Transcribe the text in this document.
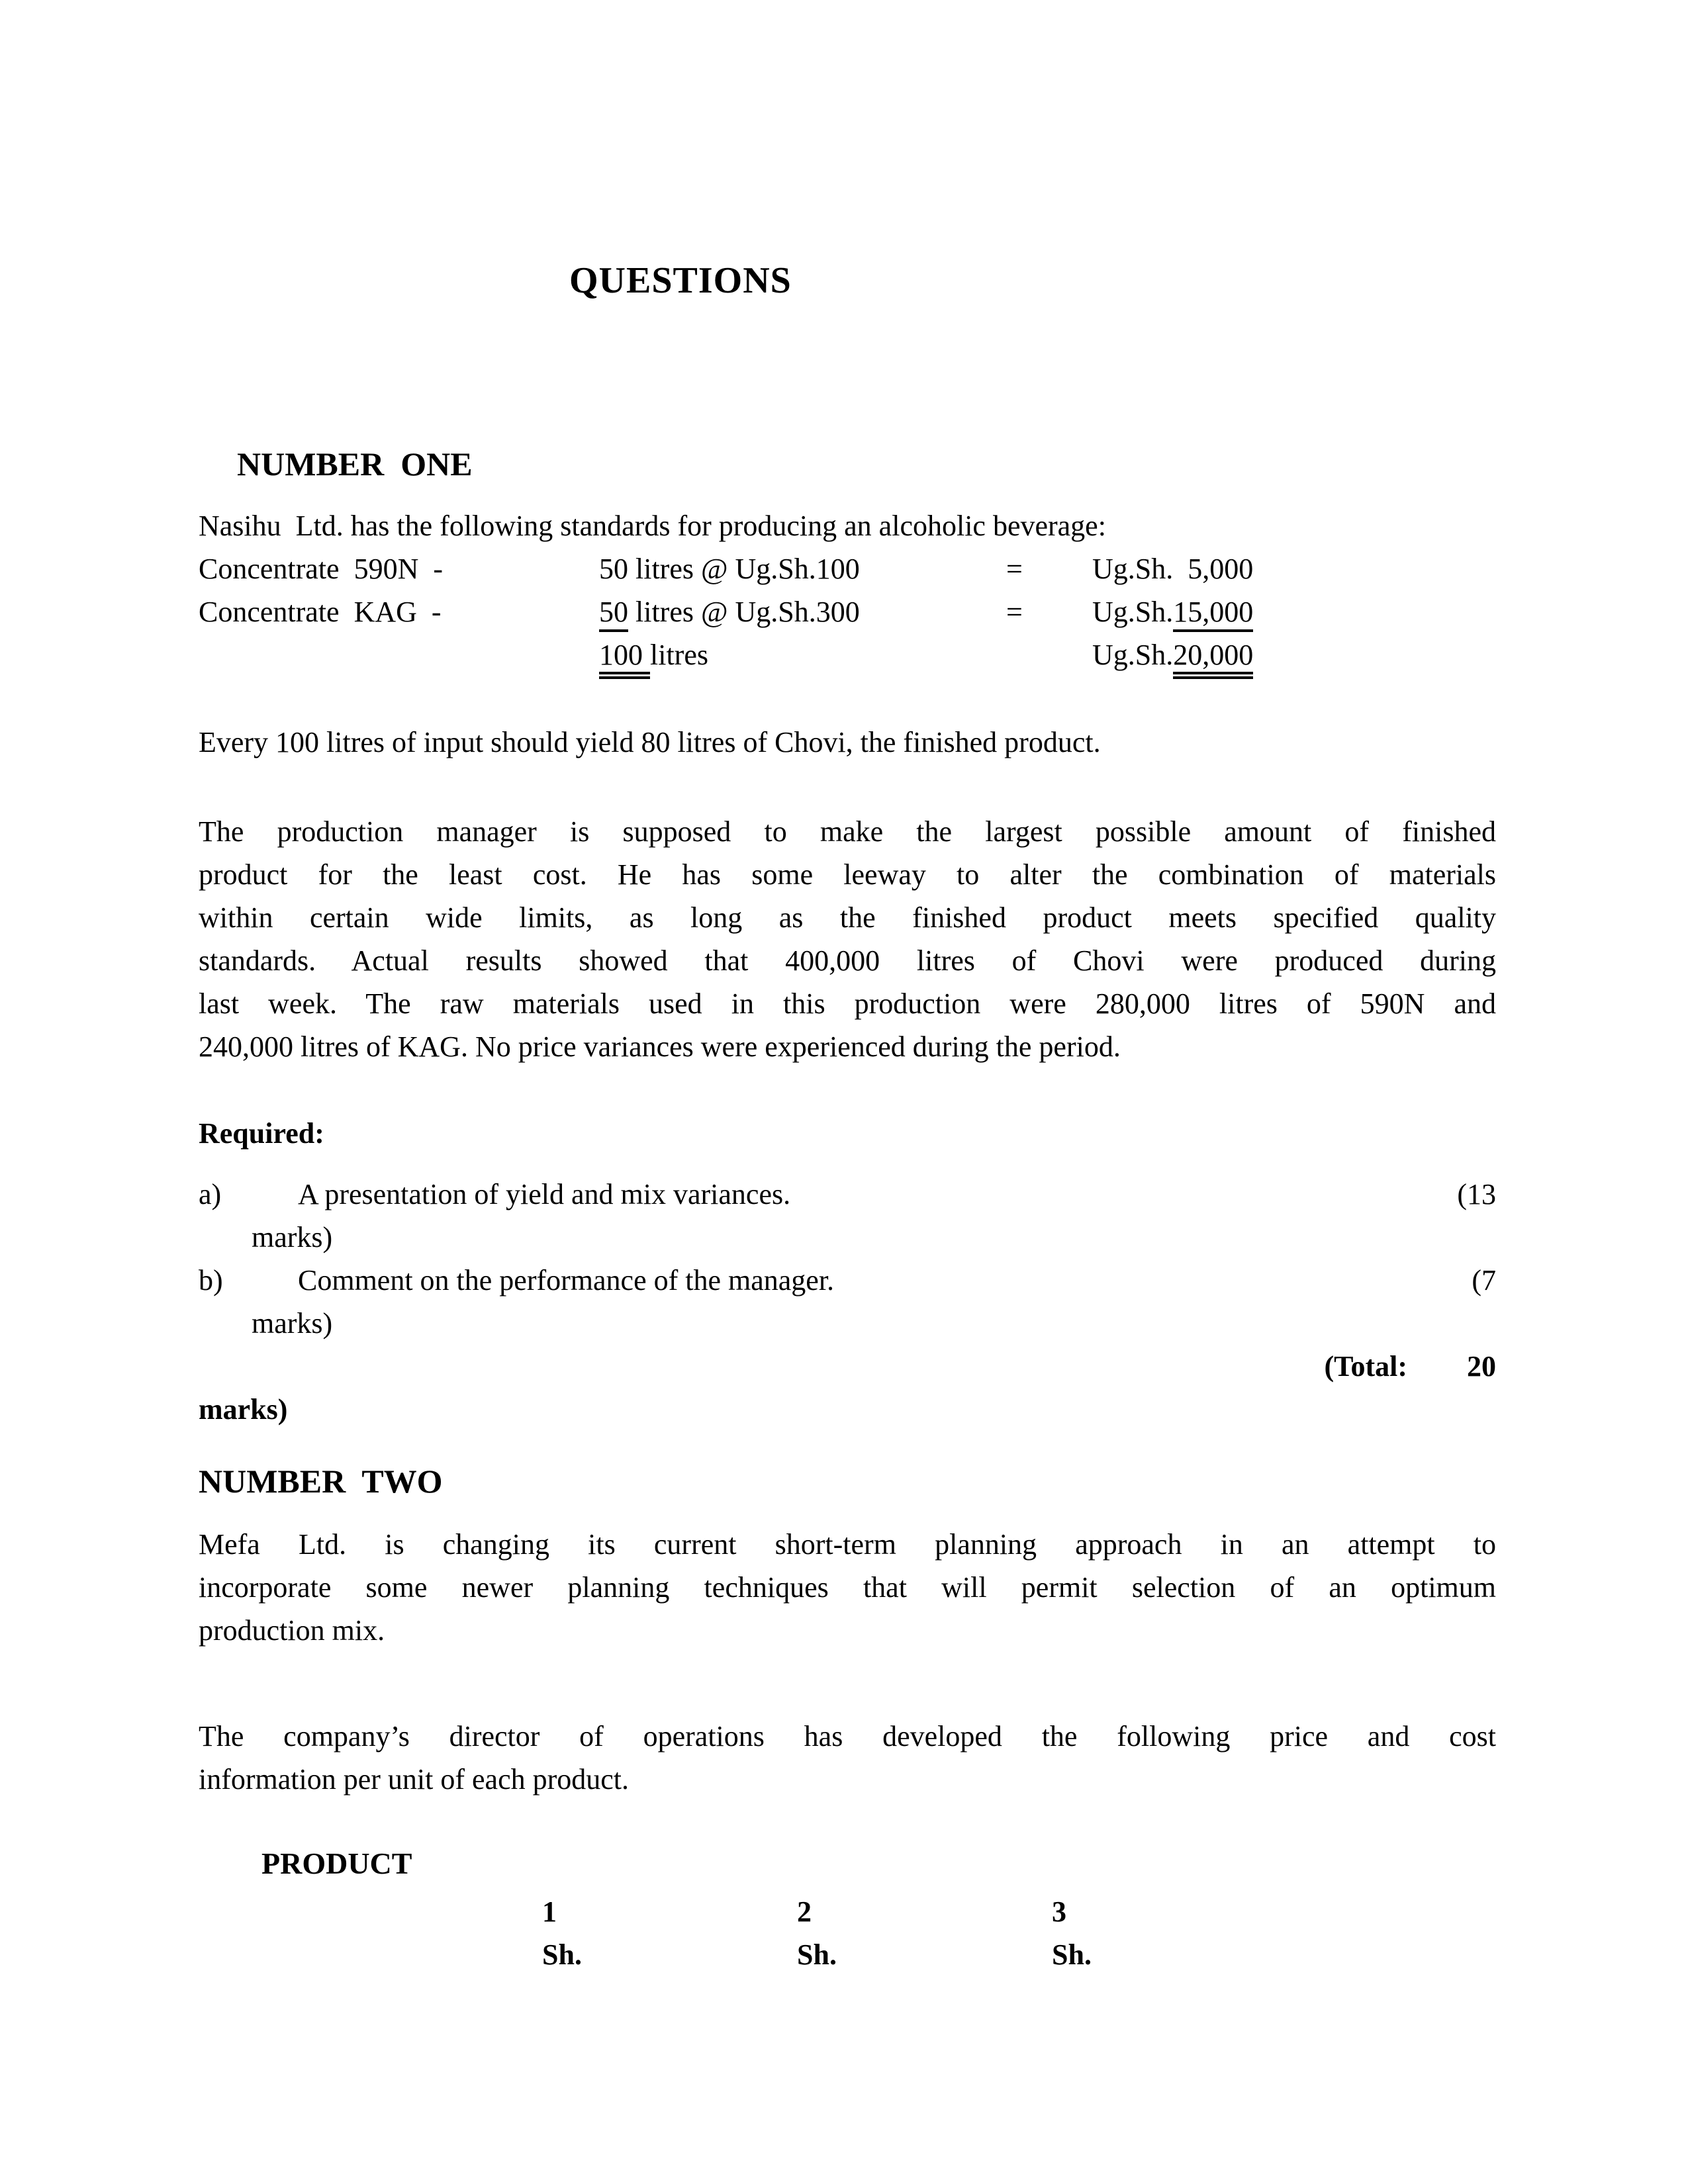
QUESTIONS
NUMBER  ONE
Nasihu  Ltd. has the following standards for producing an alcoholic beverage:
Concentrate  590N  -	50 litres @ Ug.Sh.100	=	Ug.Sh.  5,000
Concentrate  KAG  -	50 litres @ Ug.Sh.300	=	Ug.Sh.15,000
100 litres	Ug.Sh.20,000
Every 100 litres of input should yield 80 litres of Chovi, the finished product.
The production manager is supposed to make the largest possible amount of finished
product for the least cost. He has some leeway to alter the combination of materials
within certain wide limits, as long as the finished product meets specified quality
standards. Actual results showed that 400,000 litres of Chovi were produced during
last week. The raw materials used in this production were 280,000 litres of 590N and
240,000 litres of KAG. No price variances were experienced during the period.
Required:
a)	A presentation of yield and mix variances.	(13
marks)
b)	Comment on the performance of the manager.	(7
marks)
(Total: 20
marks)
NUMBER  TWO
Mefa Ltd. is changing its current short-term planning approach in an attempt to
incorporate some newer planning techniques that will permit selection of an optimum
production mix.
The company’s director of operations has developed the following price and cost
information per unit of each product.
PRODUCT
1	2	3
Sh.	Sh.	Sh.
